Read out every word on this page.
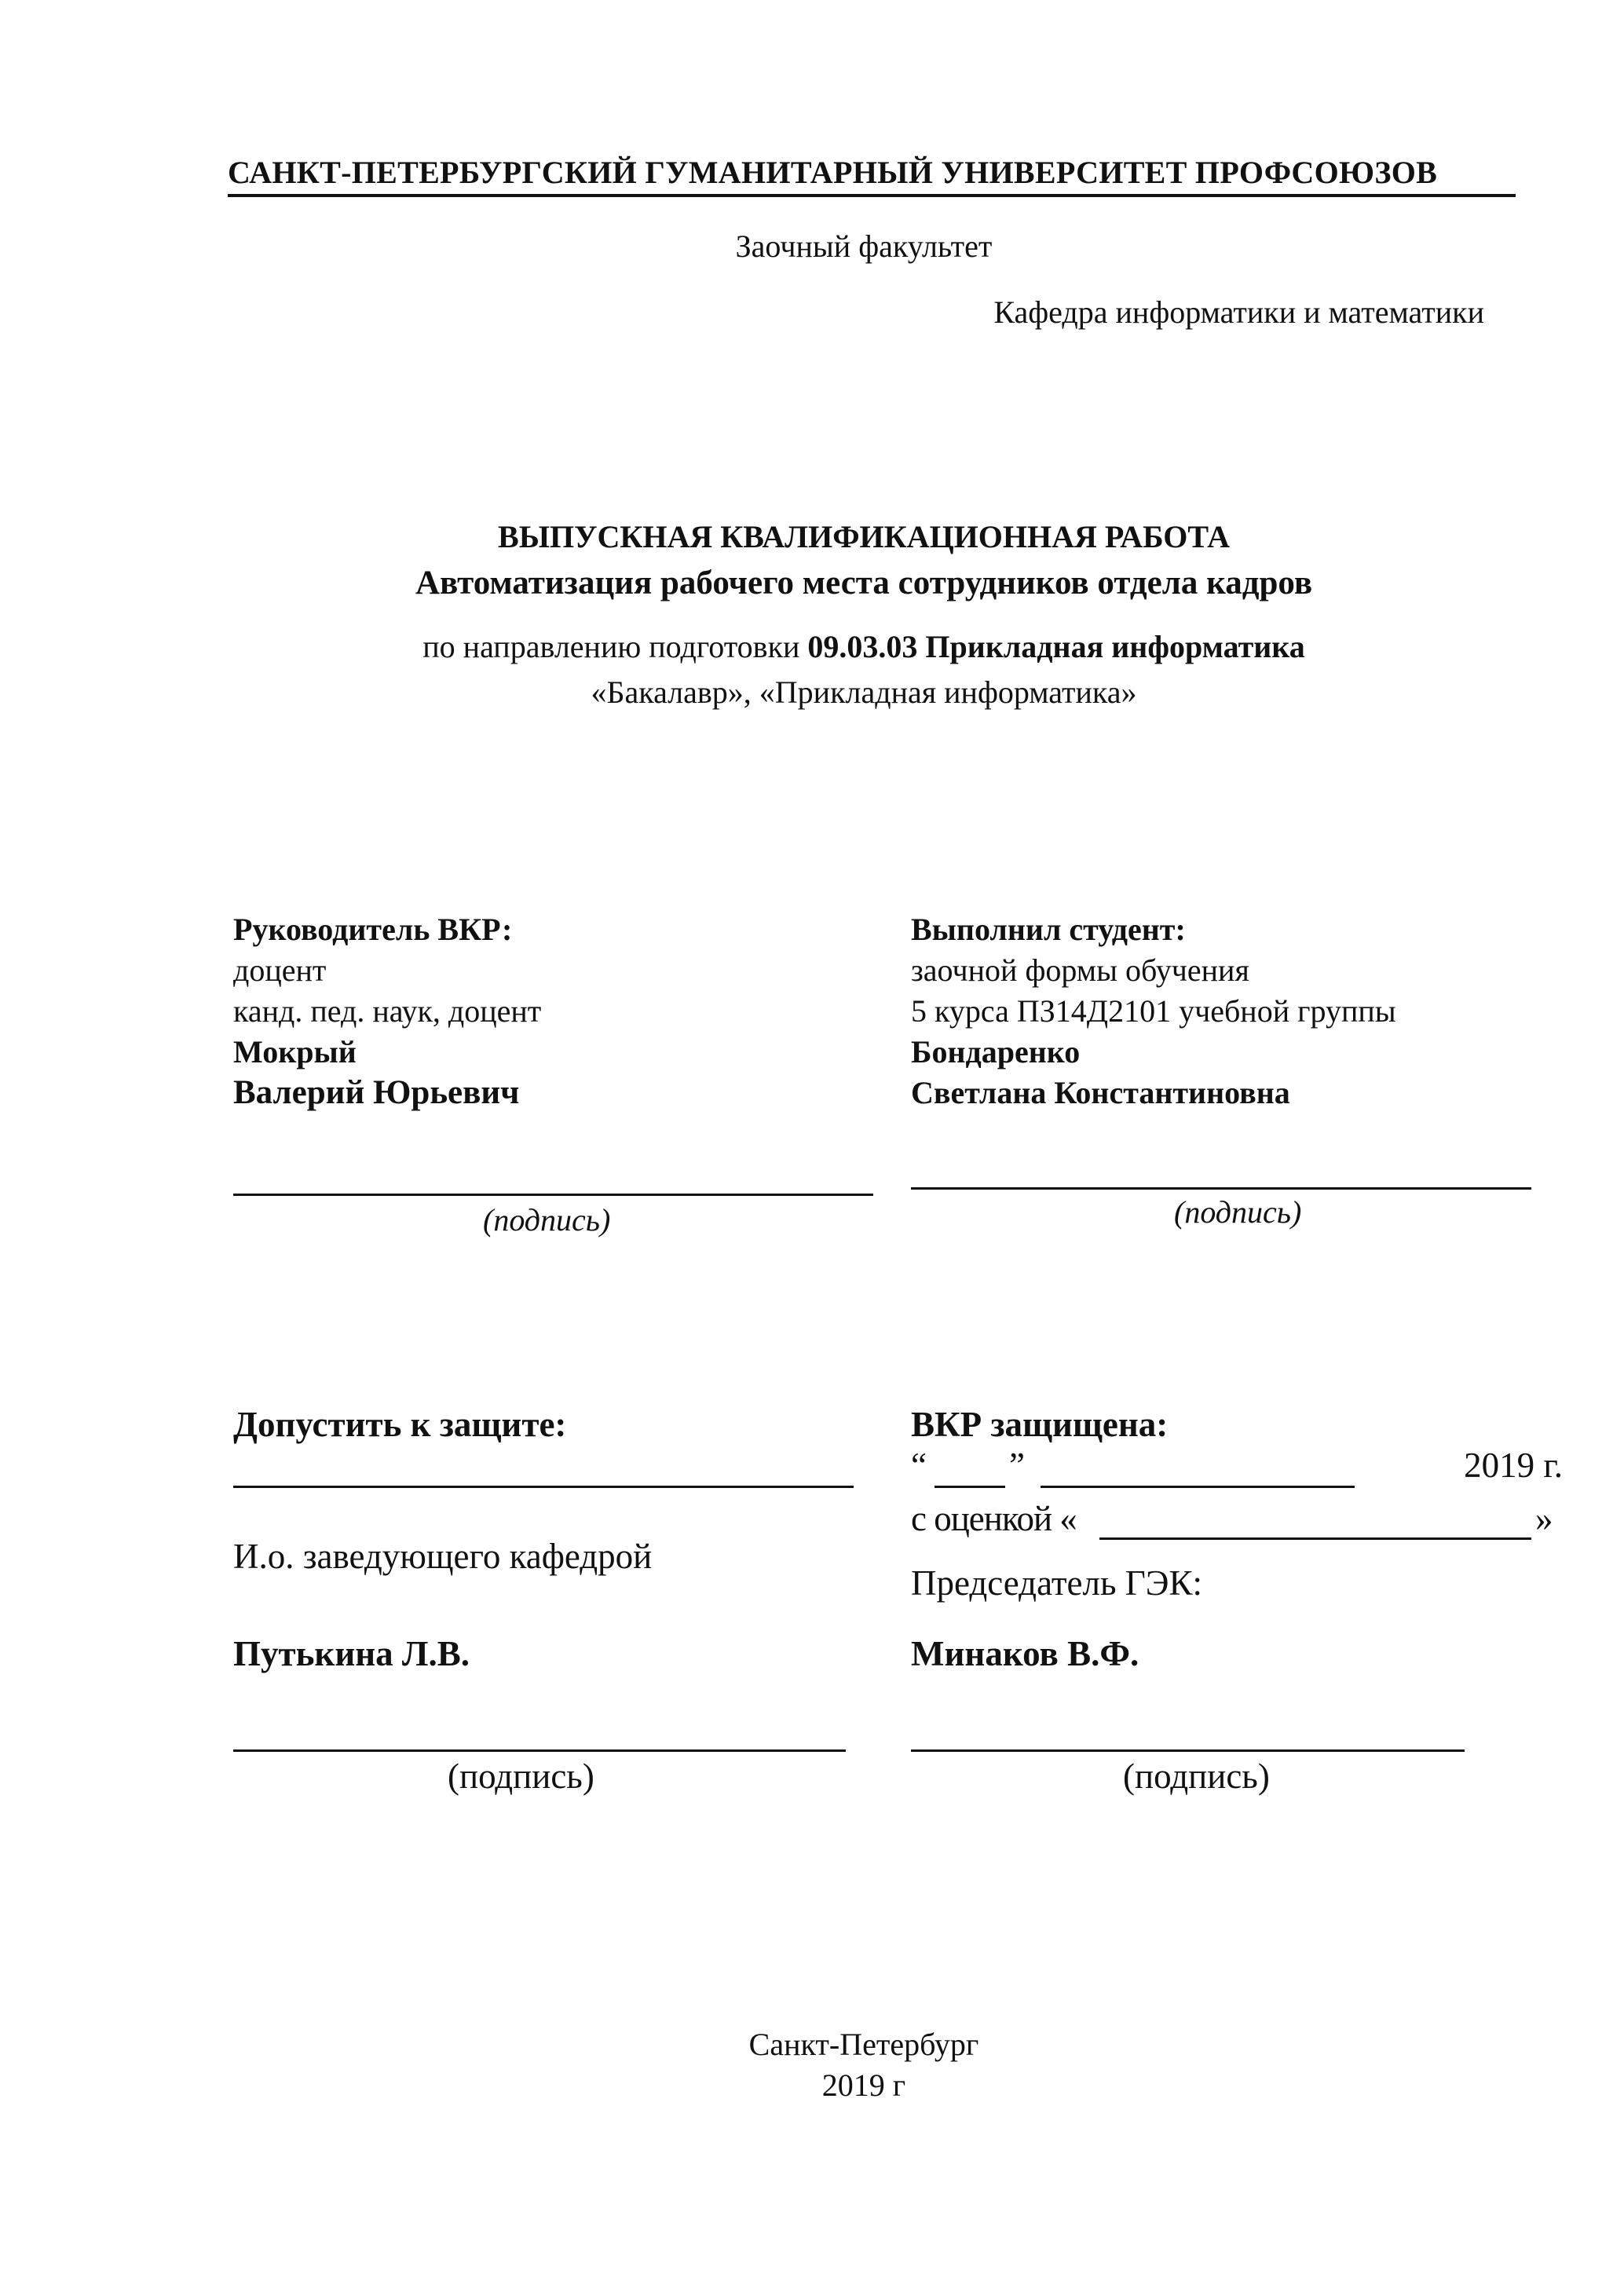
САНКТ-ПЕТЕРБУРГСКИЙ ГУМАНИТАРНЫЙ УНИВЕРСИТЕТ ПРОФСОЮЗОВ
Заочный факультет
Кафедра информатики и математики
ВЫПУСКНАЯ КВАЛИФИКАЦИОННАЯ РАБОТА
Автоматизация рабочего места сотрудников отдела кадров
по направлению подготовки 09.03.03 Прикладная информатика
«Бакалавр», «Прикладная информатика»
Руководитель ВКР:
доцент
канд. пед. наук, доцент
Мокрый
Валерий Юрьевич
(подпись)
Выполнил студент:
заочной формы обучения
5 курса ПЗ14Д2101 учебной группы
Бондаренко
Светлана Константиновна
(подпись)
Допустить к защите:
И.о. заведующего кафедрой
Путькина Л.В.
(подпись)
ВКР защищена:
“ ”	2019 г.
с оценкой «	»
Председатель ГЭК:
Минаков В.Ф.
(подпись)
Санкт-Петербург
2019 г
